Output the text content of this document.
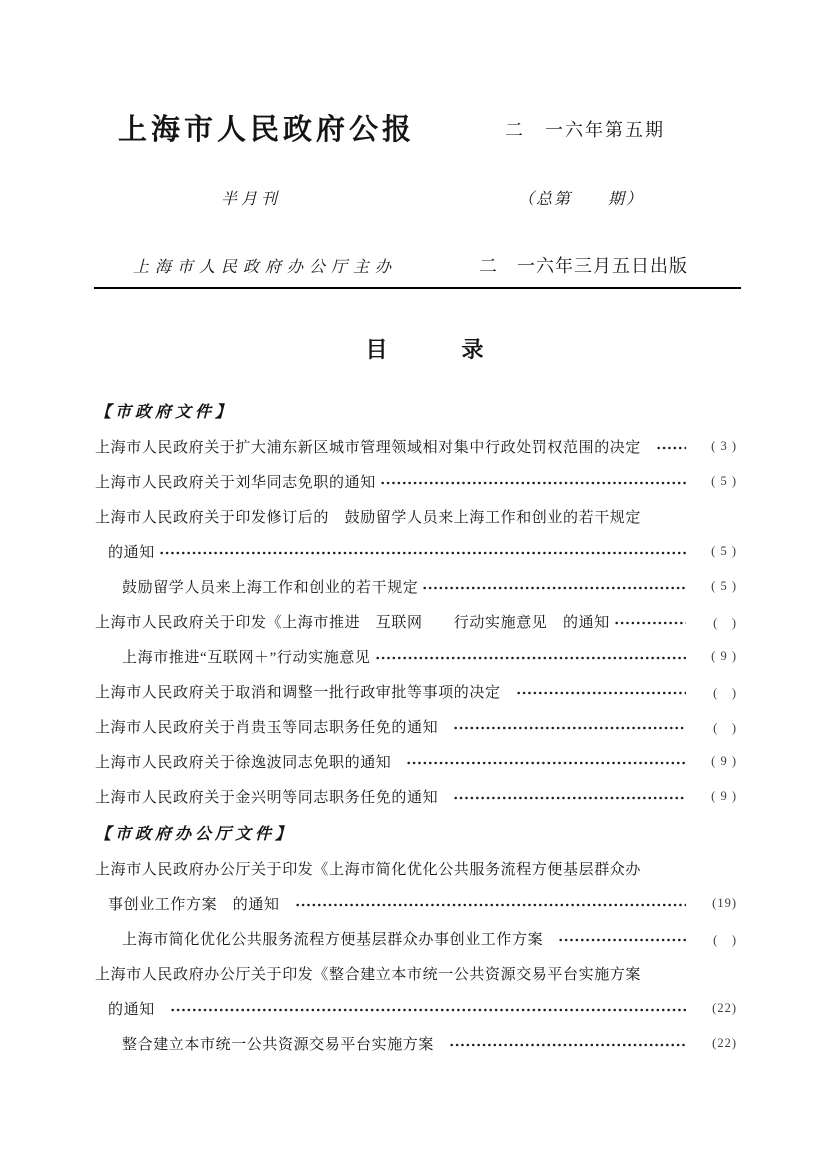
上海市人民政府公报	二　一六年第五期
半月刊	（总第　　期）
上海市人民政府办公厅主办	二　一六年三月五日出版
目　　　录
【市政府文件】
上海市人民政府关于扩大浦东新区城市管理领域相对集中行政处罚权范围的决定	( 3 )
上海市人民政府关于刘华同志免职的通知	( 5 )
上海市人民政府关于印发修订后的　鼓励留学人员来上海工作和创业的若干规定
的通知	( 5 )
鼓励留学人员来上海工作和创业的若干规定	( 5 )
上海市人民政府关于印发《上海市推进　互联网　　行动实施意见　的通知	(　)
上海市推进“互联网＋”行动实施意见	( 9 )
上海市人民政府关于取消和调整一批行政审批等事项的决定	(　)
上海市人民政府关于肖贵玉等同志职务任免的通知	(　)
上海市人民政府关于徐逸波同志免职的通知	( 9 )
上海市人民政府关于金兴明等同志职务任免的通知	( 9 )
【市政府办公厅文件】
上海市人民政府办公厅关于印发《上海市简化优化公共服务流程方便基层群众办
事创业工作方案　的通知	(19)
上海市简化优化公共服务流程方便基层群众办事创业工作方案	(　)
上海市人民政府办公厅关于印发《整合建立本市统一公共资源交易平台实施方案
的通知	(22)
整合建立本市统一公共资源交易平台实施方案	(22)
